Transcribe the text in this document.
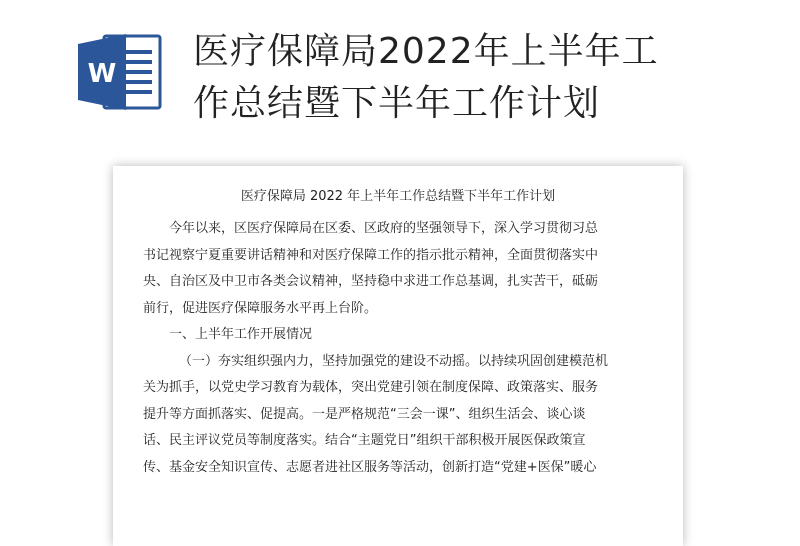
W
医疗保障局2022年上半年工
作总结暨下半年工作计划
医疗保障局 2022 年上半年工作总结暨下半年工作计划
今年以来，区医疗保障局在区委、区政府的坚强领导下，深入学习贯彻习总
书记视察宁夏重要讲话精神和对医疗保障工作的指示批示精神，全面贯彻落实中
央、自治区及中卫市各类会议精神，坚持稳中求进工作总基调，扎实苦干，砥砺
前行，促进医疗保障服务水平再上台阶。
一、上半年工作开展情况
（一）夯实组织强内力，坚持加强党的建设不动摇。以持续巩固创建模范机
关为抓手，以党史学习教育为载体，突出党建引领在制度保障、政策落实、服务
提升等方面抓落实、促提高。一是严格规范“三会一课”、组织生活会、谈心谈
话、民主评议党员等制度落实。结合“主题党日”组织干部积极开展医保政策宣
传、基金安全知识宣传、志愿者进社区服务等活动，创新打造“党建+医保”暖心
